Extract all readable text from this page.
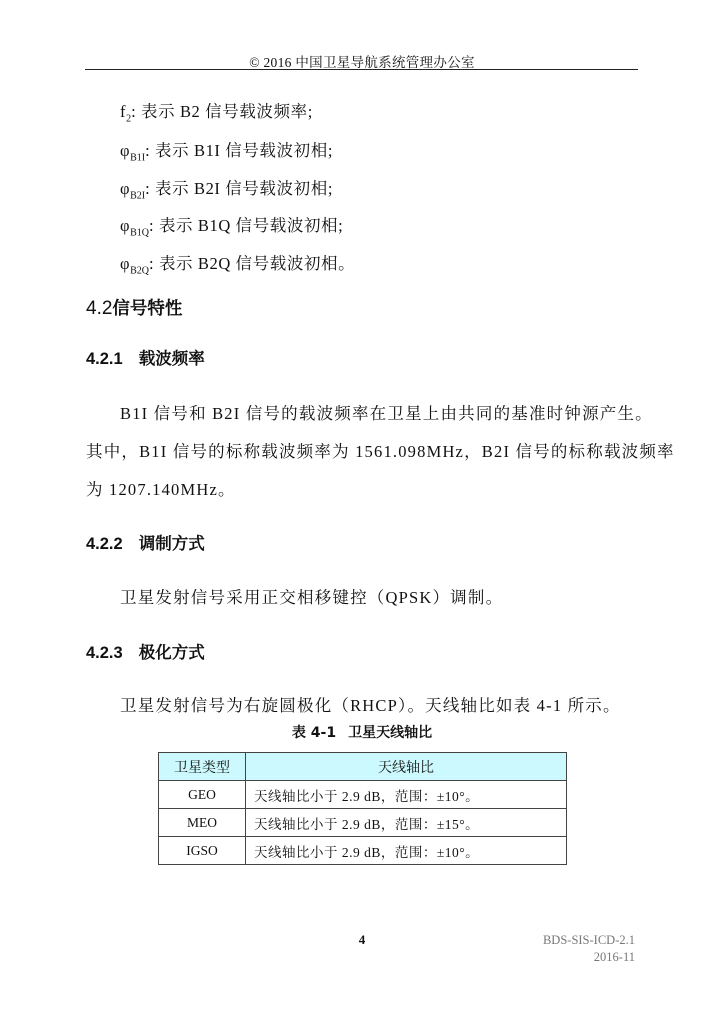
© 2016 中国卫星导航系统管理办公室
$f_2$: 表示 B2 信号载波频率;
$\varphi_{B1I}$: 表示 B1I 信号载波初相;
$\varphi_{B2I}$: 表示 B2I 信号载波初相;
$\varphi_{B1Q}$: 表示 B1Q 信号载波初相;
$\varphi_{B2Q}$: 表示 B2Q 信号载波初相。
4.2信号特性
4.2.1 载波频率
B1I 信号和 B2I 信号的载波频率在卫星上由共同的基准时钟源产生。
其中，B1I 信号的标称载波频率为 1561.098MHz，B2I 信号的标称载波频率
为 1207.140MHz。
4.2.2 调制方式
卫星发射信号采用正交相移键控（QPSK）调制。
4.2.3 极化方式
卫星发射信号为右旋圆极化（RHCP）。天线轴比如表 4-1 所示。
表 4-1 卫星天线轴比
卫星类型	天线轴比
GEO	天线轴比小于 2.9 dB，范围：±10°。
MEO	天线轴比小于 2.9 dB，范围：±15°。
IGSO	天线轴比小于 2.9 dB，范围：±10°。
4	BDS-SIS-ICD-2.1
2016-11
